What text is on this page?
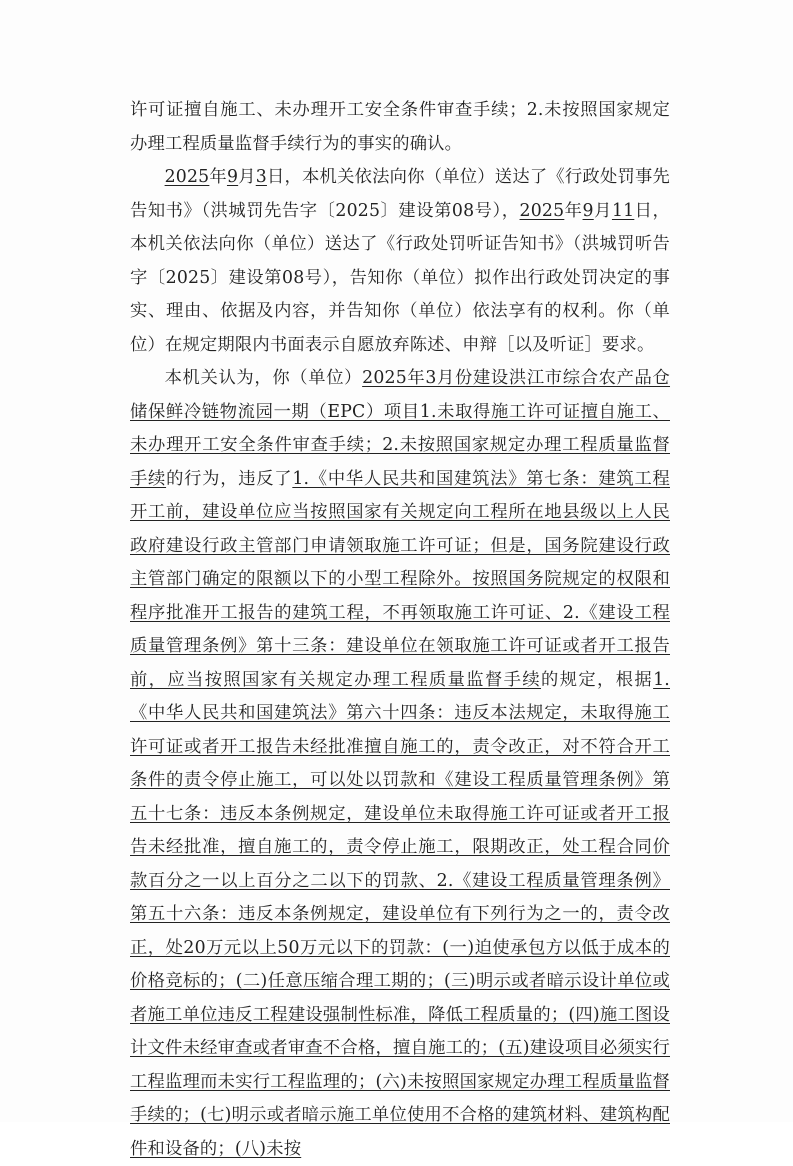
许可证擅自施工、未办理开工安全条件审查手续；2.未按照国家规定办理工程质量监督手续行为的事实的确认。

2025年9月3日，本机关依法向你（单位）送达了《行政处罚事先告知书》（洪城罚先告字〔2025〕建设第08号），2025年9月11日，本机关依法向你（单位）送达了《行政处罚听证告知书》（洪城罚听告字〔2025〕建设第08号），告知你（单位）拟作出行政处罚决定的事实、理由、依据及内容，并告知你（单位）依法享有的权利。你（单位）在规定期限内书面表示自愿放弃陈述、申辩［以及听证］要求。

本机关认为，你（单位）2025年3月份建设洪江市综合农产品仓储保鲜冷链物流园一期（EPC）项目1.未取得施工许可证擅自施工、未办理开工安全条件审查手续；2.未按照国家规定办理工程质量监督手续的行为，违反了1.《中华人民共和国建筑法》第七条：建筑工程开工前，建设单位应当按照国家有关规定向工程所在地县级以上人民政府建设行政主管部门申请领取施工许可证；但是，国务院建设行政主管部门确定的限额以下的小型工程除外。按照国务院规定的权限和程序批准开工报告的建筑工程，不再领取施工许可证、2.《建设工程质量管理条例》第十三条：建设单位在领取施工许可证或者开工报告前，应当按照国家有关规定办理工程质量监督手续的规定，根据1.《中华人民共和国建筑法》第六十四条：违反本法规定，未取得施工许可证或者开工报告未经批准擅自施工的，责令改正，对不符合开工条件的责令停止施工，可以处以罚款和《建设工程质量管理条例》第五十七条：违反本条例规定，建设单位未取得施工许可证或者开工报告未经批准，擅自施工的，责令停止施工，限期改正，处工程合同价款百分之一以上百分之二以下的罚款、2.《建设工程质量管理条例》第五十六条：违反本条例规定，建设单位有下列行为之一的，责令改正，处20万元以上50万元以下的罚款：(一)迫使承包方以低于成本的价格竞标的；(二)任意压缩合理工期的；(三)明示或者暗示设计单位或者施工单位违反工程建设强制性标准，降低工程质量的；(四)施工图设计文件未经审查或者审查不合格，擅自施工的；(五)建设项目必须实行工程监理而未实行工程监理的；(六)未按照国家规定办理工程质量监督手续的；(七)明示或者暗示施工单位使用不合格的建筑材料、建筑构配件和设备的；(八)未按
